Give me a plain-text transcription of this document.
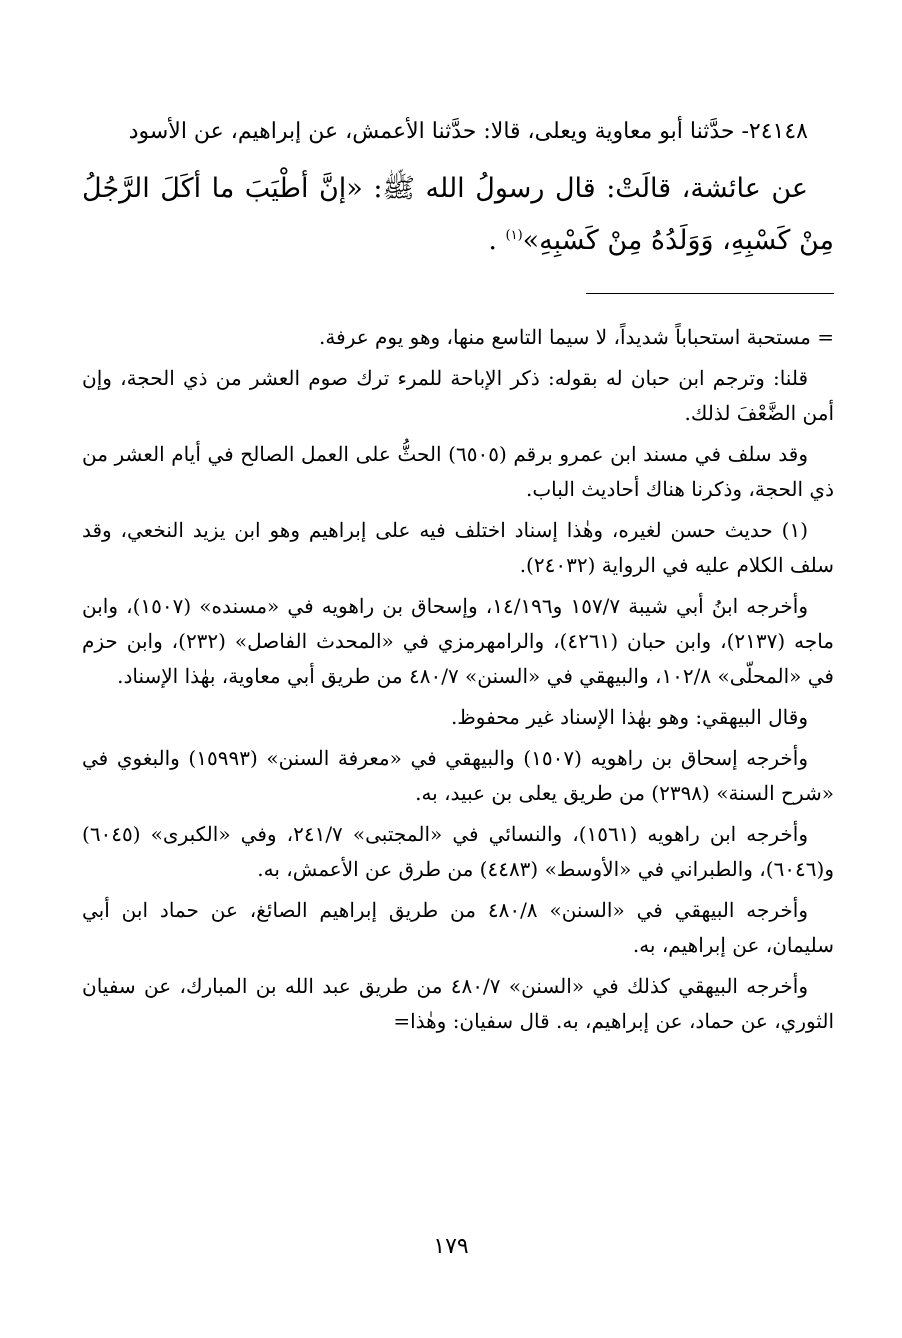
٢٤١٤٨- حدَّثنا أبو معاوية ويعلى، قالا: حدَّثنا الأعمش، عن إبراهيم، عن الأسود

عن عائشة، قالَتْ: قال رسولُ الله ﷺ: «إنَّ أطْيَبَ ما أكَلَ الرَّجُلُ مِنْ كَسْبِهِ، وَوَلَدُهُ مِنْ كَسْبِهِ»$^{(١)}$ .

= مستحبة استحباباً شديداً، لا سيما التاسع منها، وهو يوم عرفة.

قلنا: وترجم ابن حبان له بقوله: ذكر الإباحة للمرء ترك صوم العشر من ذي الحجة، وإن أمن الضَّعْفَ لذلك.

وقد سلف في مسند ابن عمرو برقم (٦٥٠٥) الحثُّ على العمل الصالح في أيام العشر من ذي الحجة، وذكرنا هناك أحاديث الباب.

(١) حديث حسن لغيره، وهٰذا إسناد اختلف فيه على إبراهيم وهو ابن يزيد النخعي، وقد سلف الكلام عليه في الرواية (٢٤٠٣٢).

وأخرجه ابنُ أبي شيبة ١٥٧/٧ و١٤/١٩٦، وإسحاق بن راهويه في «مسنده» (١٥٠٧)، وابن ماجه (٢١٣٧)، وابن حبان (٤٢٦١)، والرامهرمزي في «المحدث الفاصل» (٢٣٢)، وابن حزم في «المحلّى» ١٠٢/٨، والبيهقي في «السنن» ٤٨٠/٧ من طريق أبي معاوية، بهٰذا الإسناد.

وقال البيهقي: وهو بهٰذا الإسناد غير محفوظ.

وأخرجه إسحاق بن راهويه (١٥٠٧) والبيهقي في «معرفة السنن» (١٥٩٩٣) والبغوي في «شرح السنة» (٢٣٩٨) من طريق يعلى بن عبيد، به.

وأخرجه ابن راهويه (١٥٦١)، والنسائي في «المجتبى» ٢٤١/٧، وفي «الكبرى» (٦٠٤٥) و(٦٠٤٦)، والطبراني في «الأوسط» (٤٤٨٣) من طرق عن الأعمش، به.

وأخرجه البيهقي في «السنن» ٤٨٠/٨ من طريق إبراهيم الصائغ، عن حماد ابن أبي سليمان، عن إبراهيم، به.

وأخرجه البيهقي كذلك في «السنن» ٤٨٠/٧ من طريق عبد الله بن المبارك، عن سفيان الثوري، عن حماد، عن إبراهيم، به. قال سفيان: وهٰذا=

١٧٩
